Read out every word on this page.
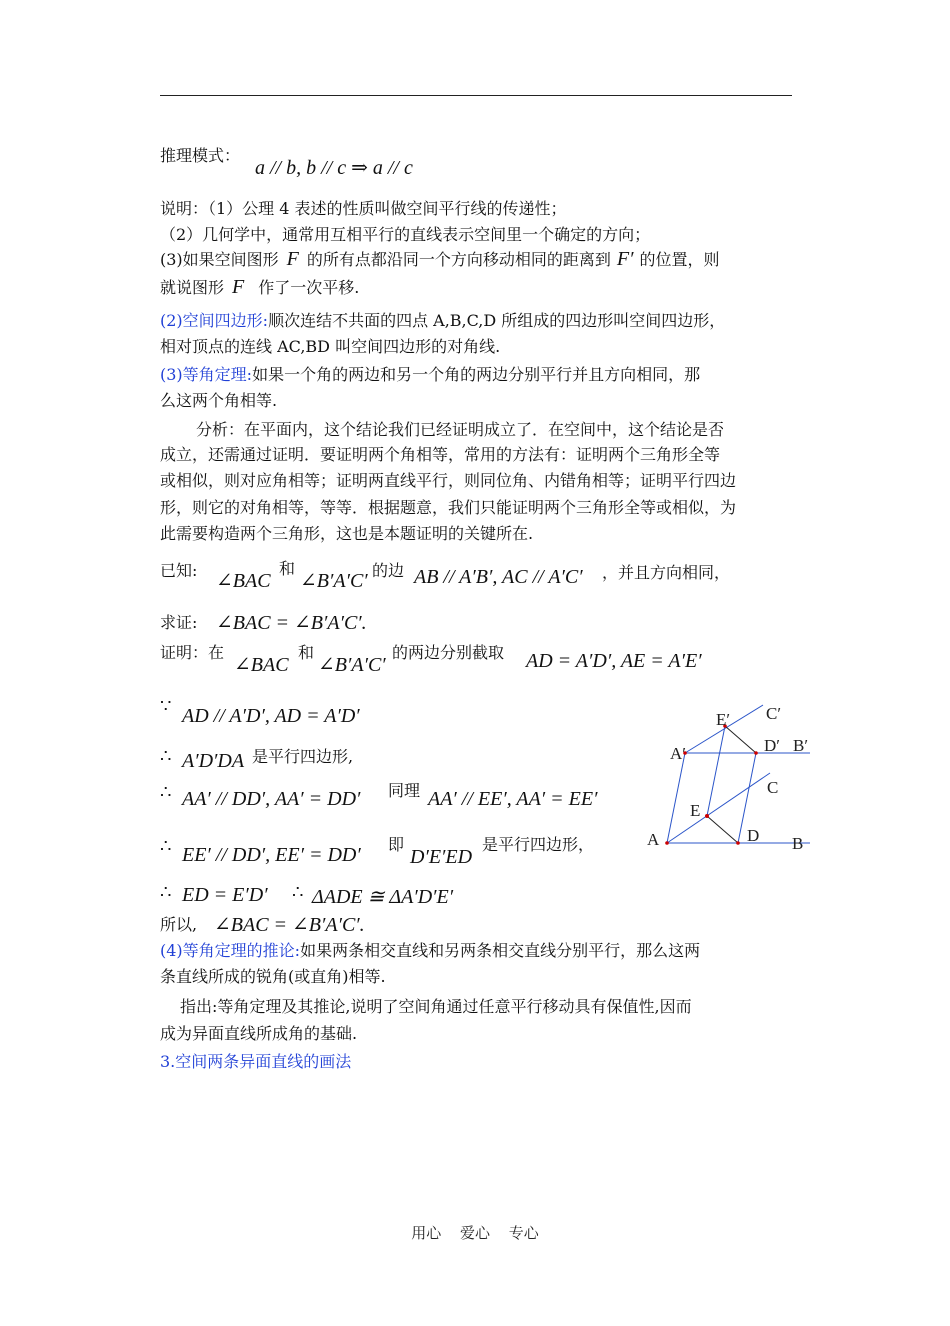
推理模式：
a // b, b // c ⇒ a // c
说明：（1）公理 4 表述的性质叫做空间平行线的传递性；
（2）几何学中，通常用互相平行的直线表示空间里一个确定的方向；
(3)如果空间图形 F 的所有点都沿同一个方向移动相同的距离到 F′ 的位置，则
就说图形 F 作了一次平移.
(2)空间四边形:顺次连结不共面的四点 A,B,C,D 所组成的四边形叫空间四边形，
相对顶点的连线 AC,BD 叫空间四边形的对角线.
(3)等角定理:如果一个角的两边和另一个角的两边分别平行并且方向相同，那
么这两个角相等.
分析：在平面内，这个结论我们已经证明成立了．在空间中，这个结论是否
成立，还需通过证明．要证明两个角相等，常用的方法有：证明两个三角形全等
或相似，则对应角相等；证明两直线平行，则同位角、内错角相等；证明平行四边
形，则它的对角相等，等等．根据题意，我们只能证明两个三角形全等或相似，为
此需要构造两个三角形，这也是本题证明的关键所在.
已知: ∠BAC
和
∠B′A′C′ 的边 AB // A′B′, AC // A′C′ ，并且方向相同，
求证: ∠BAC = ∠B′A′C′.
证明：在
∠BAC
和
∠B′A′C′
的两边分别截取 AD = A′D′, AE = A′E′
∵ AD // A′D′, AD = A′D′
∴ A′D′DA 是平行四边形,
∴ AA′ // DD′, AA′ = DD′ 同理 AA′ // EE′, AA′ = EE′
∴ EE′ // DD′, EE′ = DD′ 即
D′E′ED
是平行四边形，
∴ ED = E′D′ ∴ ΔADE ≅ ΔA′D′E′
所以, ∠BAC = ∠B′A′C′.
E′ C′
A′	D′ B′
C
E
A	D B
(4)等角定理的推论:如果两条相交直线和另两条相交直线分别平行，那么这两
条直线所成的锐角(或直角)相等.
指出:等角定理及其推论,说明了空间角通过任意平行移动具有保值性,因而
成为异面直线所成角的基础.
3.空间两条异面直线的画法
用心 爱心 专心
